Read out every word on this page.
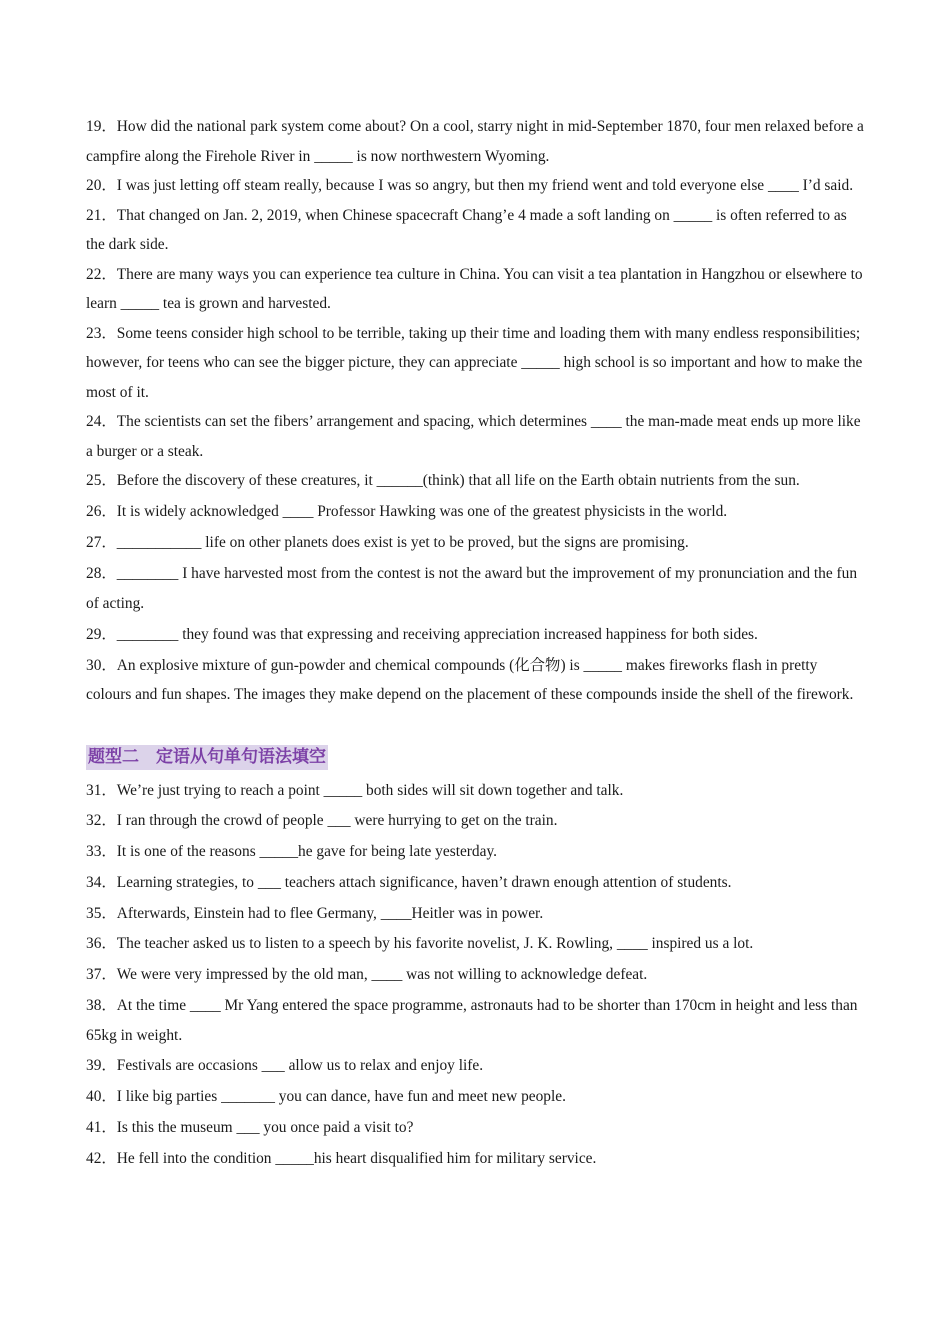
19．How did the national park system come about? On a cool, starry night in mid-September 1870, four men relaxed before a campfire along the Firehole River in _____ is now northwestern Wyoming.

20．I was just letting off steam really, because I was so angry, but then my friend went and told everyone else ____ I’d said.

21．That changed on Jan. 2, 2019, when Chinese spacecraft Chang’e 4 made a soft landing on _____ is often referred to as the dark side.

22．There are many ways you can experience tea culture in China. You can visit a tea plantation in Hangzhou or elsewhere to learn _____ tea is grown and harvested.

23．Some teens consider high school to be terrible, taking up their time and loading them with many endless responsibilities; however, for teens who can see the bigger picture, they can appreciate _____ high school is so important and how to make the most of it.

24．The scientists can set the fibers’ arrangement and spacing, which determines ____ the man-made meat ends up more like a burger or a steak.

25．Before the discovery of these creatures, it ______(think) that all life on the Earth obtain nutrients from the sun.

26．It is widely acknowledged ____ Professor Hawking was one of the greatest physicists in the world.

27．___________ life on other planets does exist is yet to be proved, but the signs are promising.

28．________ I have harvested most from the contest is not the award but the improvement of my pronunciation and the fun of acting.

29．________ they found was that expressing and receiving appreciation increased happiness for both sides.

30．An explosive mixture of gun-powder and chemical compounds (化合物) is _____ makes fireworks flash in pretty colours and fun shapes. The images they make depend on the placement of these compounds inside the shell of the firework.

题型二　定语从句单句语法填空

31．We’re just trying to reach a point _____ both sides will sit down together and talk.

32．I ran through the crowd of people ___ were hurrying to get on the train.

33．It is one of the reasons _____he gave for being late yesterday.

34．Learning strategies, to ___ teachers attach significance, haven’t drawn enough attention of students.

35．Afterwards, Einstein had to flee Germany, ____Heitler was in power.

36．The teacher asked us to listen to a speech by his favorite novelist, J. K. Rowling, ____ inspired us a lot.

37．We were very impressed by the old man, ____ was not willing to acknowledge defeat.

38．At the time ____ Mr Yang entered the space programme, astronauts had to be shorter than 170cm in height and less than 65kg in weight.

39．Festivals are occasions ___ allow us to relax and enjoy life.

40．I like big parties _______ you can dance, have fun and meet new people.

41．Is this the museum ___ you once paid a visit to?

42．He fell into the condition _____his heart disqualified him for military service.
